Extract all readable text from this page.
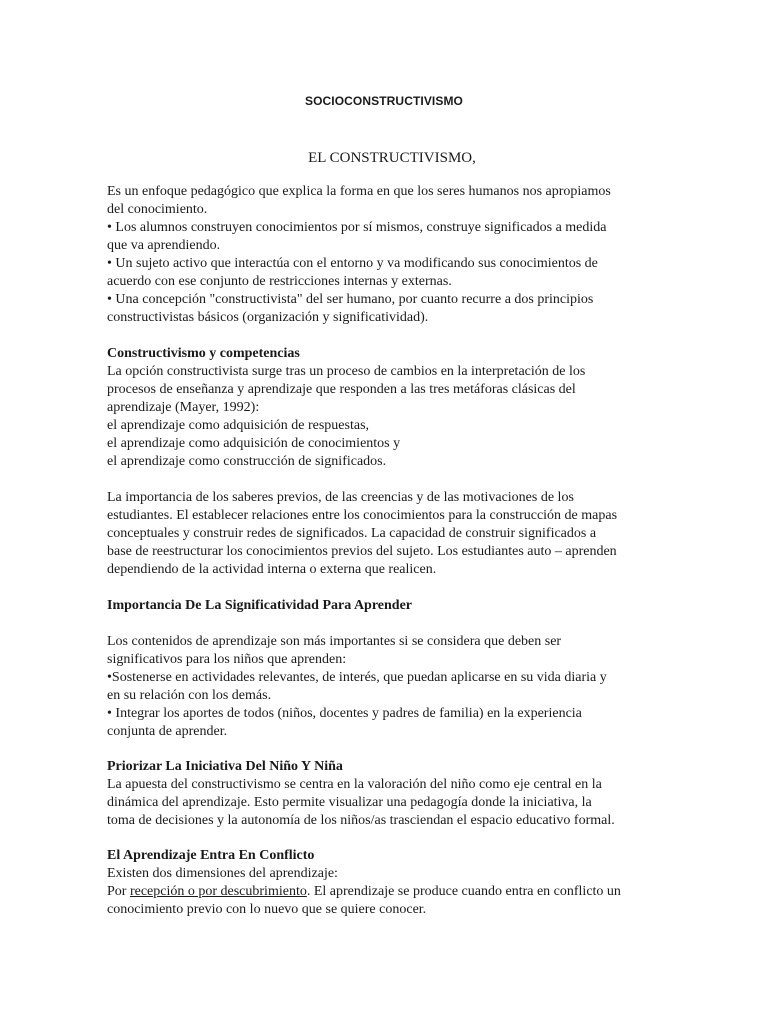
SOCIOCONSTRUCTIVISMO
EL CONSTRUCTIVISMO,

Es un enfoque pedagógico que explica la forma en que los seres humanos nos apropiamos

del conocimiento.

• Los alumnos construyen conocimientos por sí mismos, construye significados a medida

que va aprendiendo.

• Un sujeto activo que interactúa con el entorno y va modificando sus conocimientos de

acuerdo con ese conjunto de restricciones internas y externas.

• Una concepción "constructivista" del ser humano, por cuanto recurre a dos principios

constructivistas básicos (organización y significatividad).

Constructivismo y competencias

La opción constructivista surge tras un proceso de cambios en la interpretación de los

procesos de enseñanza y aprendizaje que responden a las tres metáforas clásicas del

aprendizaje (Mayer, 1992):

el aprendizaje como adquisición de respuestas,

el aprendizaje como adquisición de conocimientos y

el aprendizaje como construcción de significados.

La importancia de los saberes previos, de las creencias y de las motivaciones de los

estudiantes. El establecer relaciones entre los conocimientos para la construcción de mapas

conceptuales y construir redes de significados. La capacidad de construir significados a

base de reestructurar los conocimientos previos del sujeto. Los estudiantes auto – aprenden

dependiendo de la actividad interna o externa que realicen.

Importancia De La Significatividad Para Aprender

Los contenidos de aprendizaje son más importantes si se considera que deben ser

significativos para los niños que aprenden:

•Sostenerse en actividades relevantes, de interés, que puedan aplicarse en su vida diaria y

en su relación con los demás.

• Integrar los aportes de todos (niños, docentes y padres de familia) en la experiencia

conjunta de aprender.

Priorizar La Iniciativa Del Niño Y Niña

La apuesta del constructivismo se centra en la valoración del niño como eje central en la

dinámica del aprendizaje. Esto permite visualizar una pedagogía donde la iniciativa, la

toma de decisiones y la autonomía de los niños/as trasciendan el espacio educativo formal.

El Aprendizaje Entra En Conflicto

Existen dos dimensiones del aprendizaje:

Por recepción o por descubrimiento. El aprendizaje se produce cuando entra en conflicto un

conocimiento previo con lo nuevo que se quiere conocer.
